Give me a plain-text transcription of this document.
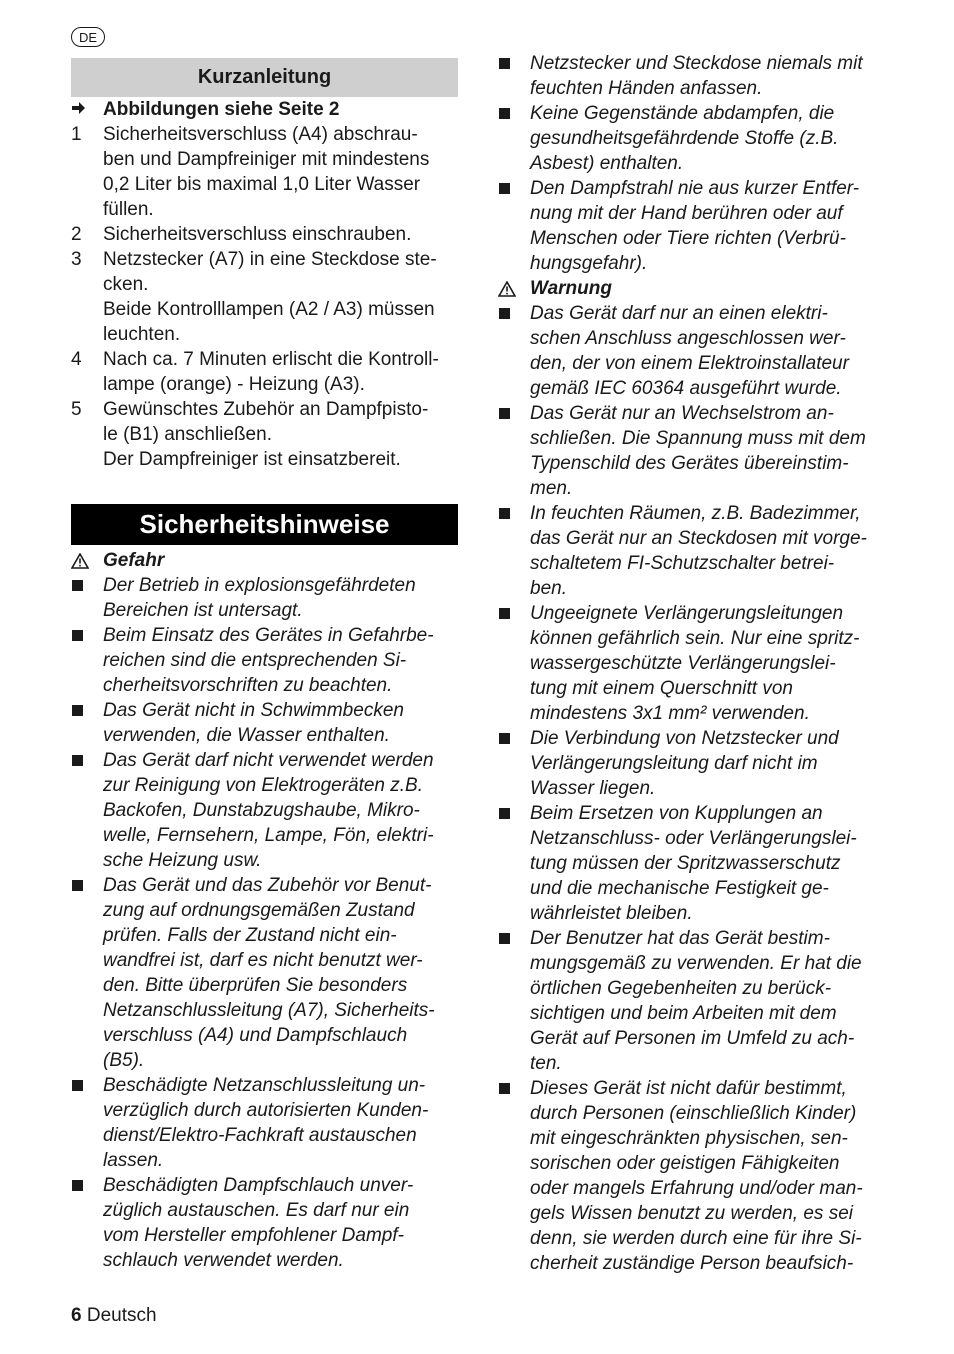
DE
Kurzanleitung
Abbildungen siehe Seite 2
1	Sicherheitsverschluss (A4) abschrau-
ben und Dampfreiniger mit mindestens
0,2 Liter bis maximal 1,0 Liter Wasser
füllen.
2	Sicherheitsverschluss einschrauben.
3	Netzstecker (A7) in eine Steckdose ste-
cken.
Beide Kontrolllampen (A2 / A3) müssen
leuchten.
4	Nach ca. 7 Minuten erlischt die Kontroll-
lampe (orange) - Heizung (A3).
5	Gewünschtes Zubehör an Dampfpisto-
le (B1) anschließen.
Der Dampfreiniger ist einsatzbereit.
Sicherheitshinweise
Gefahr
Der Betrieb in explosionsgefährdeten
Bereichen ist untersagt.
Beim Einsatz des Gerätes in Gefahrbe-
reichen sind die entsprechenden Si-
cherheitsvorschriften zu beachten.
Das Gerät nicht in Schwimmbecken
verwenden, die Wasser enthalten.
Das Gerät darf nicht verwendet werden
zur Reinigung von Elektrogeräten z.B.
Backofen, Dunstabzugshaube, Mikro-
welle, Fernsehern, Lampe, Fön, elektri-
sche Heizung usw.
Das Gerät und das Zubehör vor Benut-
zung auf ordnungsgemäßen Zustand
prüfen. Falls der Zustand nicht ein-
wandfrei ist, darf es nicht benutzt wer-
den. Bitte überprüfen Sie besonders
Netzanschlussleitung (A7), Sicherheits-
verschluss (A4) und Dampfschlauch
(B5).
Beschädigte Netzanschlussleitung un-
verzüglich durch autorisierten Kunden-
dienst/Elektro-Fachkraft austauschen
lassen.
Beschädigten Dampfschlauch unver-
züglich austauschen. Es darf nur ein
vom Hersteller empfohlener Dampf-
schlauch verwendet werden.
Netzstecker und Steckdose niemals mit
feuchten Händen anfassen.
Keine Gegenstände abdampfen, die
gesundheitsgefährdende Stoffe (z.B.
Asbest) enthalten.
Den Dampfstrahl nie aus kurzer Entfer-
nung mit der Hand berühren oder auf
Menschen oder Tiere richten (Verbrü-
hungsgefahr).
Warnung
Das Gerät darf nur an einen elektri-
schen Anschluss angeschlossen wer-
den, der von einem Elektroinstallateur
gemäß IEC 60364 ausgeführt wurde.
Das Gerät nur an Wechselstrom an-
schließen. Die Spannung muss mit dem
Typenschild des Gerätes übereinstim-
men.
In feuchten Räumen, z.B. Badezimmer,
das Gerät nur an Steckdosen mit vorge-
schaltetem FI-Schutzschalter betrei-
ben.
Ungeeignete Verlängerungsleitungen
können gefährlich sein. Nur eine spritz-
wassergeschützte Verlängerungslei-
tung mit einem Querschnitt von
mindestens 3x1 mm² verwenden.
Die Verbindung von Netzstecker und
Verlängerungsleitung darf nicht im
Wasser liegen.
Beim Ersetzen von Kupplungen an
Netzanschluss- oder Verlängerungslei-
tung müssen der Spritzwasserschutz
und die mechanische Festigkeit ge-
währleistet bleiben.
Der Benutzer hat das Gerät bestim-
mungsgemäß zu verwenden. Er hat die
örtlichen Gegebenheiten zu berück-
sichtigen und beim Arbeiten mit dem
Gerät auf Personen im Umfeld zu ach-
ten.
Dieses Gerät ist nicht dafür bestimmt,
durch Personen (einschließlich Kinder)
mit eingeschränkten physischen, sen-
sorischen oder geistigen Fähigkeiten
oder mangels Erfahrung und/oder man-
gels Wissen benutzt zu werden, es sei
denn, sie werden durch eine für ihre Si-
cherheit zuständige Person beaufsich-
6 Deutsch
